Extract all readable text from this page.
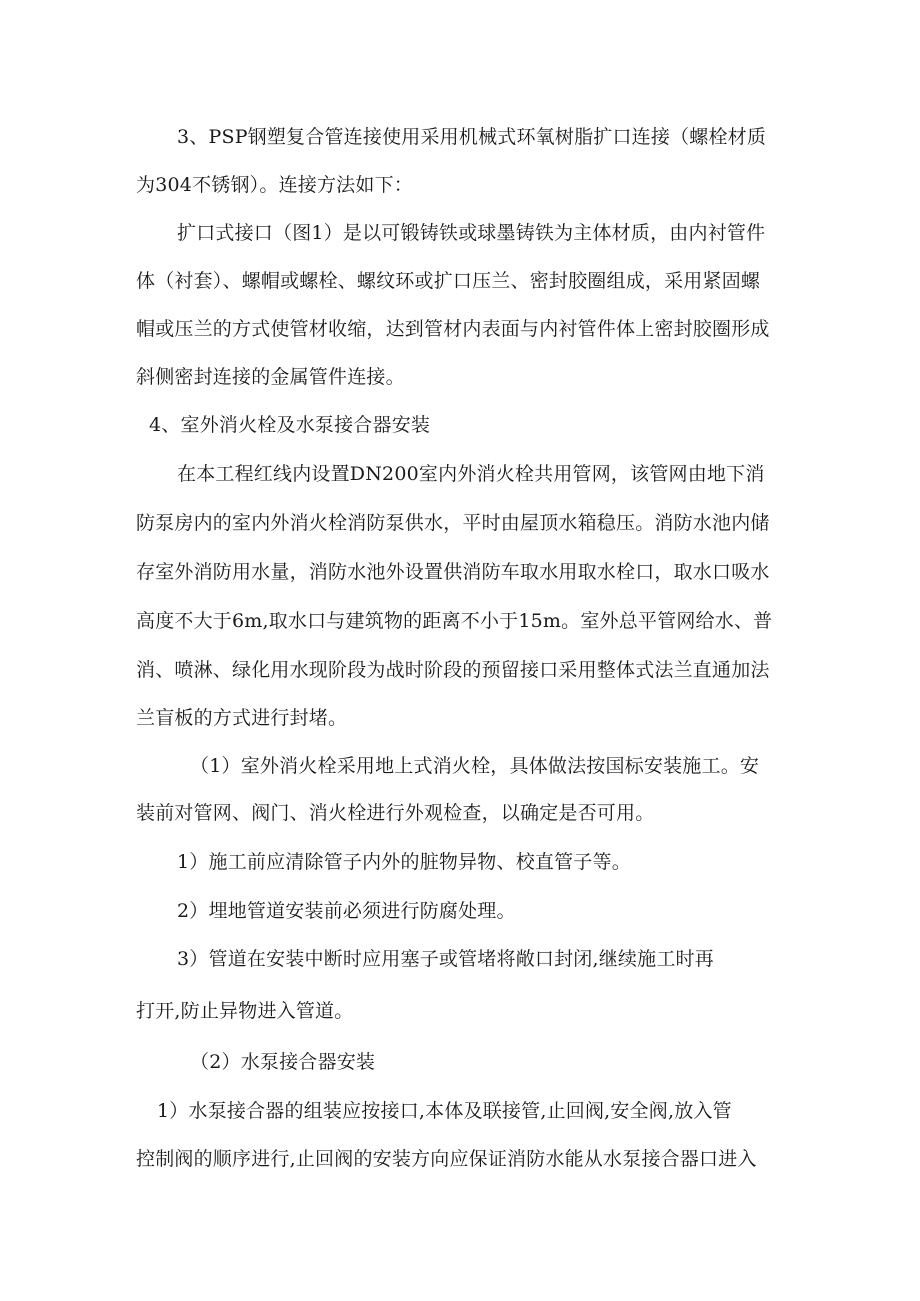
3、PSP钢塑复合管连接使用采用机械式环氧树脂扩口连接（螺栓材质
为304不锈钢）。连接方法如下：
扩口式接口（图1）是以可锻铸铁或球墨铸铁为主体材质，由内衬管件
体（衬套）、螺帽或螺栓、螺纹环或扩口压兰、密封胶圈组成，采用紧固螺
帽或压兰的方式使管材收缩，达到管材内表面与内衬管件体上密封胶圈形成
斜侧密封连接的金属管件连接。
4、室外消火栓及水泵接合器安装
在本工程红线内设置DN200室内外消火栓共用管网，该管网由地下消
防泵房内的室内外消火栓消防泵供水，平时由屋顶水箱稳压。消防水池内储
存室外消防用水量，消防水池外设置供消防车取水用取水栓口，取水口吸水
高度不大于6m,取水口与建筑物的距离不小于15m。室外总平管网给水、普
消、喷淋、绿化用水现阶段为战时阶段的预留接口采用整体式法兰直通加法
兰盲板的方式进行封堵。
（1）室外消火栓采用地上式消火栓，具体做法按国标安装施工。安
装前对管网、阀门、消火栓进行外观检查，以确定是否可用。
1）施工前应清除管子内外的脏物异物、校直管子等。
2）埋地管道安装前必须进行防腐处理。
3）管道在安装中断时应用塞子或管堵将敞口封闭,继续施工时再
打开,防止异物进入管道。
（2）水泵接合器安装
1）水泵接合器的组装应按接口,本体及联接管,止回阀,安全阀,放入管
控制阀的顺序进行,止回阀的安装方向应保证消防水能从水泵接合器口进入
